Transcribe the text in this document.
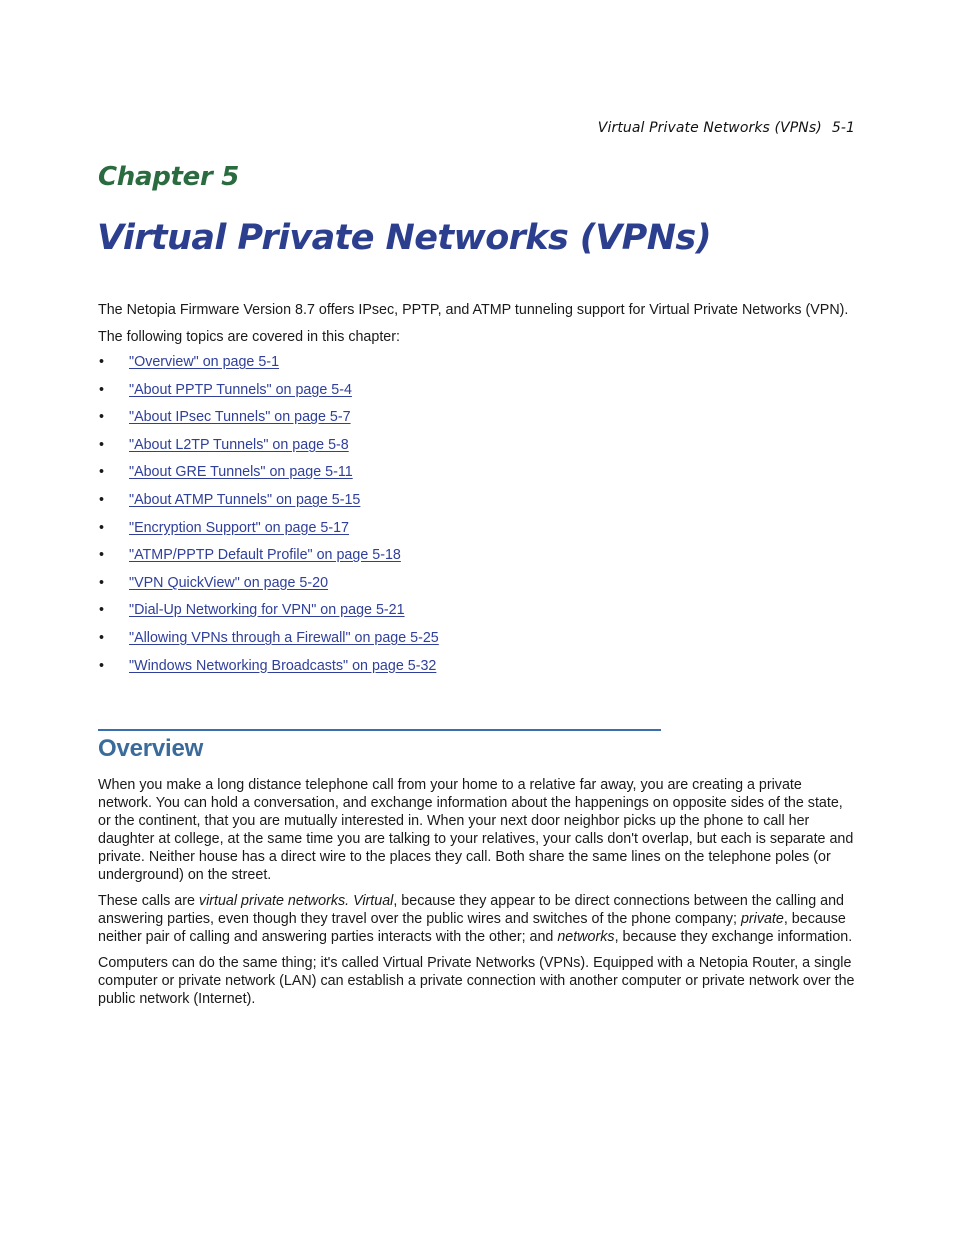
Virtual Private Networks (VPNs) 5-1
Chapter 5
Virtual Private Networks (VPNs)

The Netopia Firmware Version 8.7 offers IPsec, PPTP, and ATMP tunneling support for Virtual Private Networks (VPN).

The following topics are covered in this chapter:

• "Overview" on page 5-1
• "About PPTP Tunnels" on page 5-4
• "About IPsec Tunnels" on page 5-7
• "About L2TP Tunnels" on page 5-8
• "About GRE Tunnels" on page 5-11
• "About ATMP Tunnels" on page 5-15
• "Encryption Support" on page 5-17
• "ATMP/PPTP Default Profile" on page 5-18
• "VPN QuickView" on page 5-20
• "Dial-Up Networking for VPN" on page 5-21
• "Allowing VPNs through a Firewall" on page 5-25
• "Windows Networking Broadcasts" on page 5-32
Overview

When you make a long distance telephone call from your home to a relative far away, you are creating a private network. You can hold a conversation, and exchange information about the happenings on opposite sides of the state, or the continent, that you are mutually interested in. When your next door neighbor picks up the phone to call her daughter at college, at the same time you are talking to your relatives, your calls don't overlap, but each is separate and private. Neither house has a direct wire to the places they call. Both share the same lines on the telephone poles (or underground) on the street.

These calls are virtual private networks. Virtual, because they appear to be direct connections between the calling and answering parties, even though they travel over the public wires and switches of the phone company; private, because neither pair of calling and answering parties interacts with the other; and networks, because they exchange information.

Computers can do the same thing; it's called Virtual Private Networks (VPNs). Equipped with a Netopia Router, a single computer or private network (LAN) can establish a private connection with another computer or private network over the public network (Internet).
